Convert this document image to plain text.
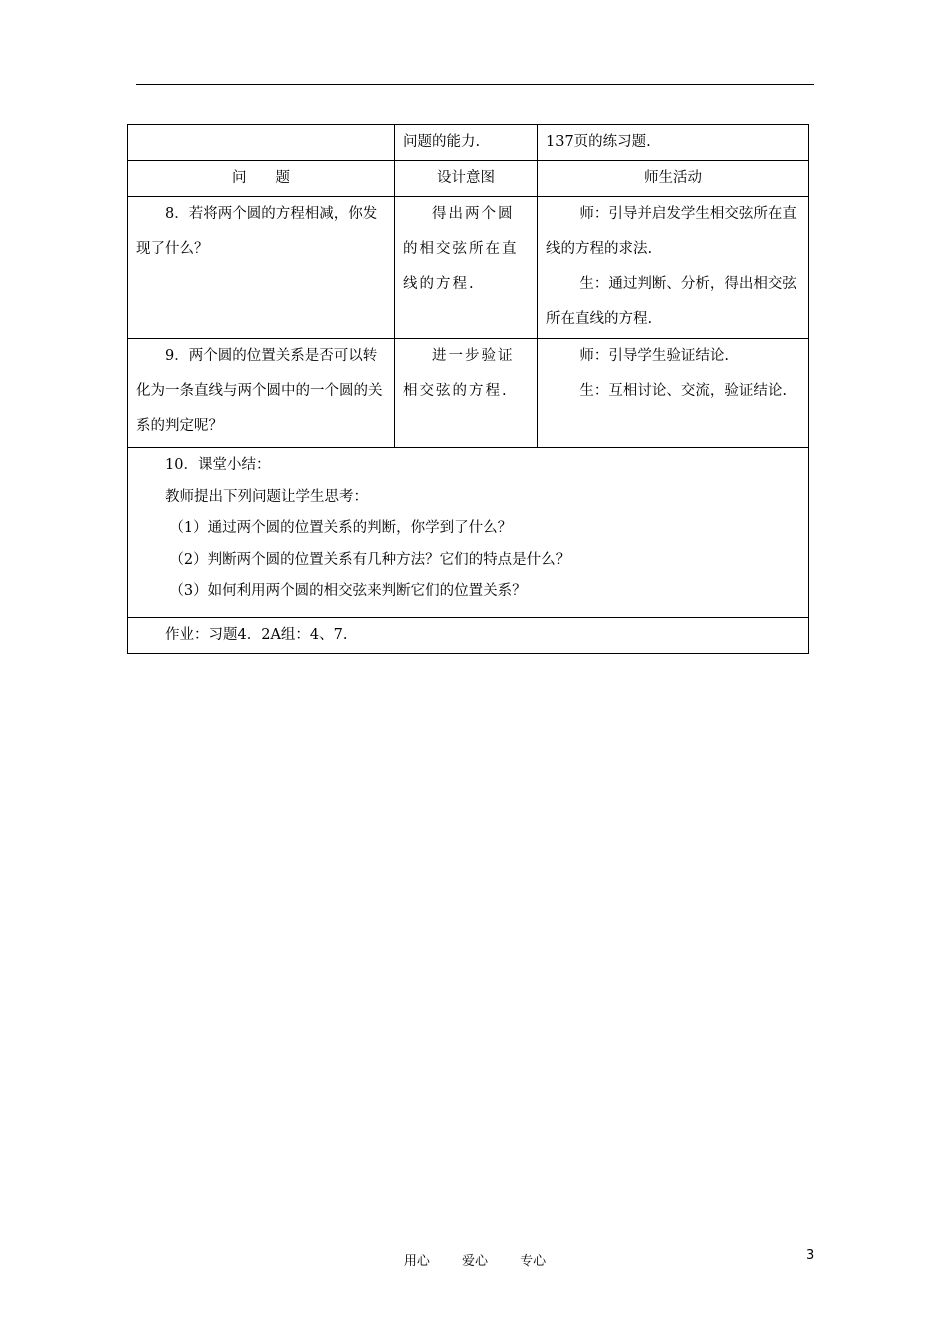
	问题的能力.	137页的练习题.
问　　题	设计意图	师生活动

8．若将两个圆的方程相减，你发现了什么？	得出两个圆的相交弦所在直线的方程.	师：引导并启发学生相交弦所在直线的方程的求法.
生：通过判断、分析，得出相交弦所在直线的方程.

9．两个圆的位置关系是否可以转化为一条直线与两个圆中的一个圆的关系的判定呢？	进一步验证相交弦的方程.	师：引导学生验证结论.
生：互相讨论、交流，验证结论.

10．课堂小结：
教师提出下列问题让学生思考：
（1）通过两个圆的位置关系的判断，你学到了什么？
（2）判断两个圆的位置关系有几种方法？它们的特点是什么？
（3）如何利用两个圆的相交弦来判断它们的位置关系？		

作业：习题4．2A组：4、7.		
用心 爱心 专心	3
